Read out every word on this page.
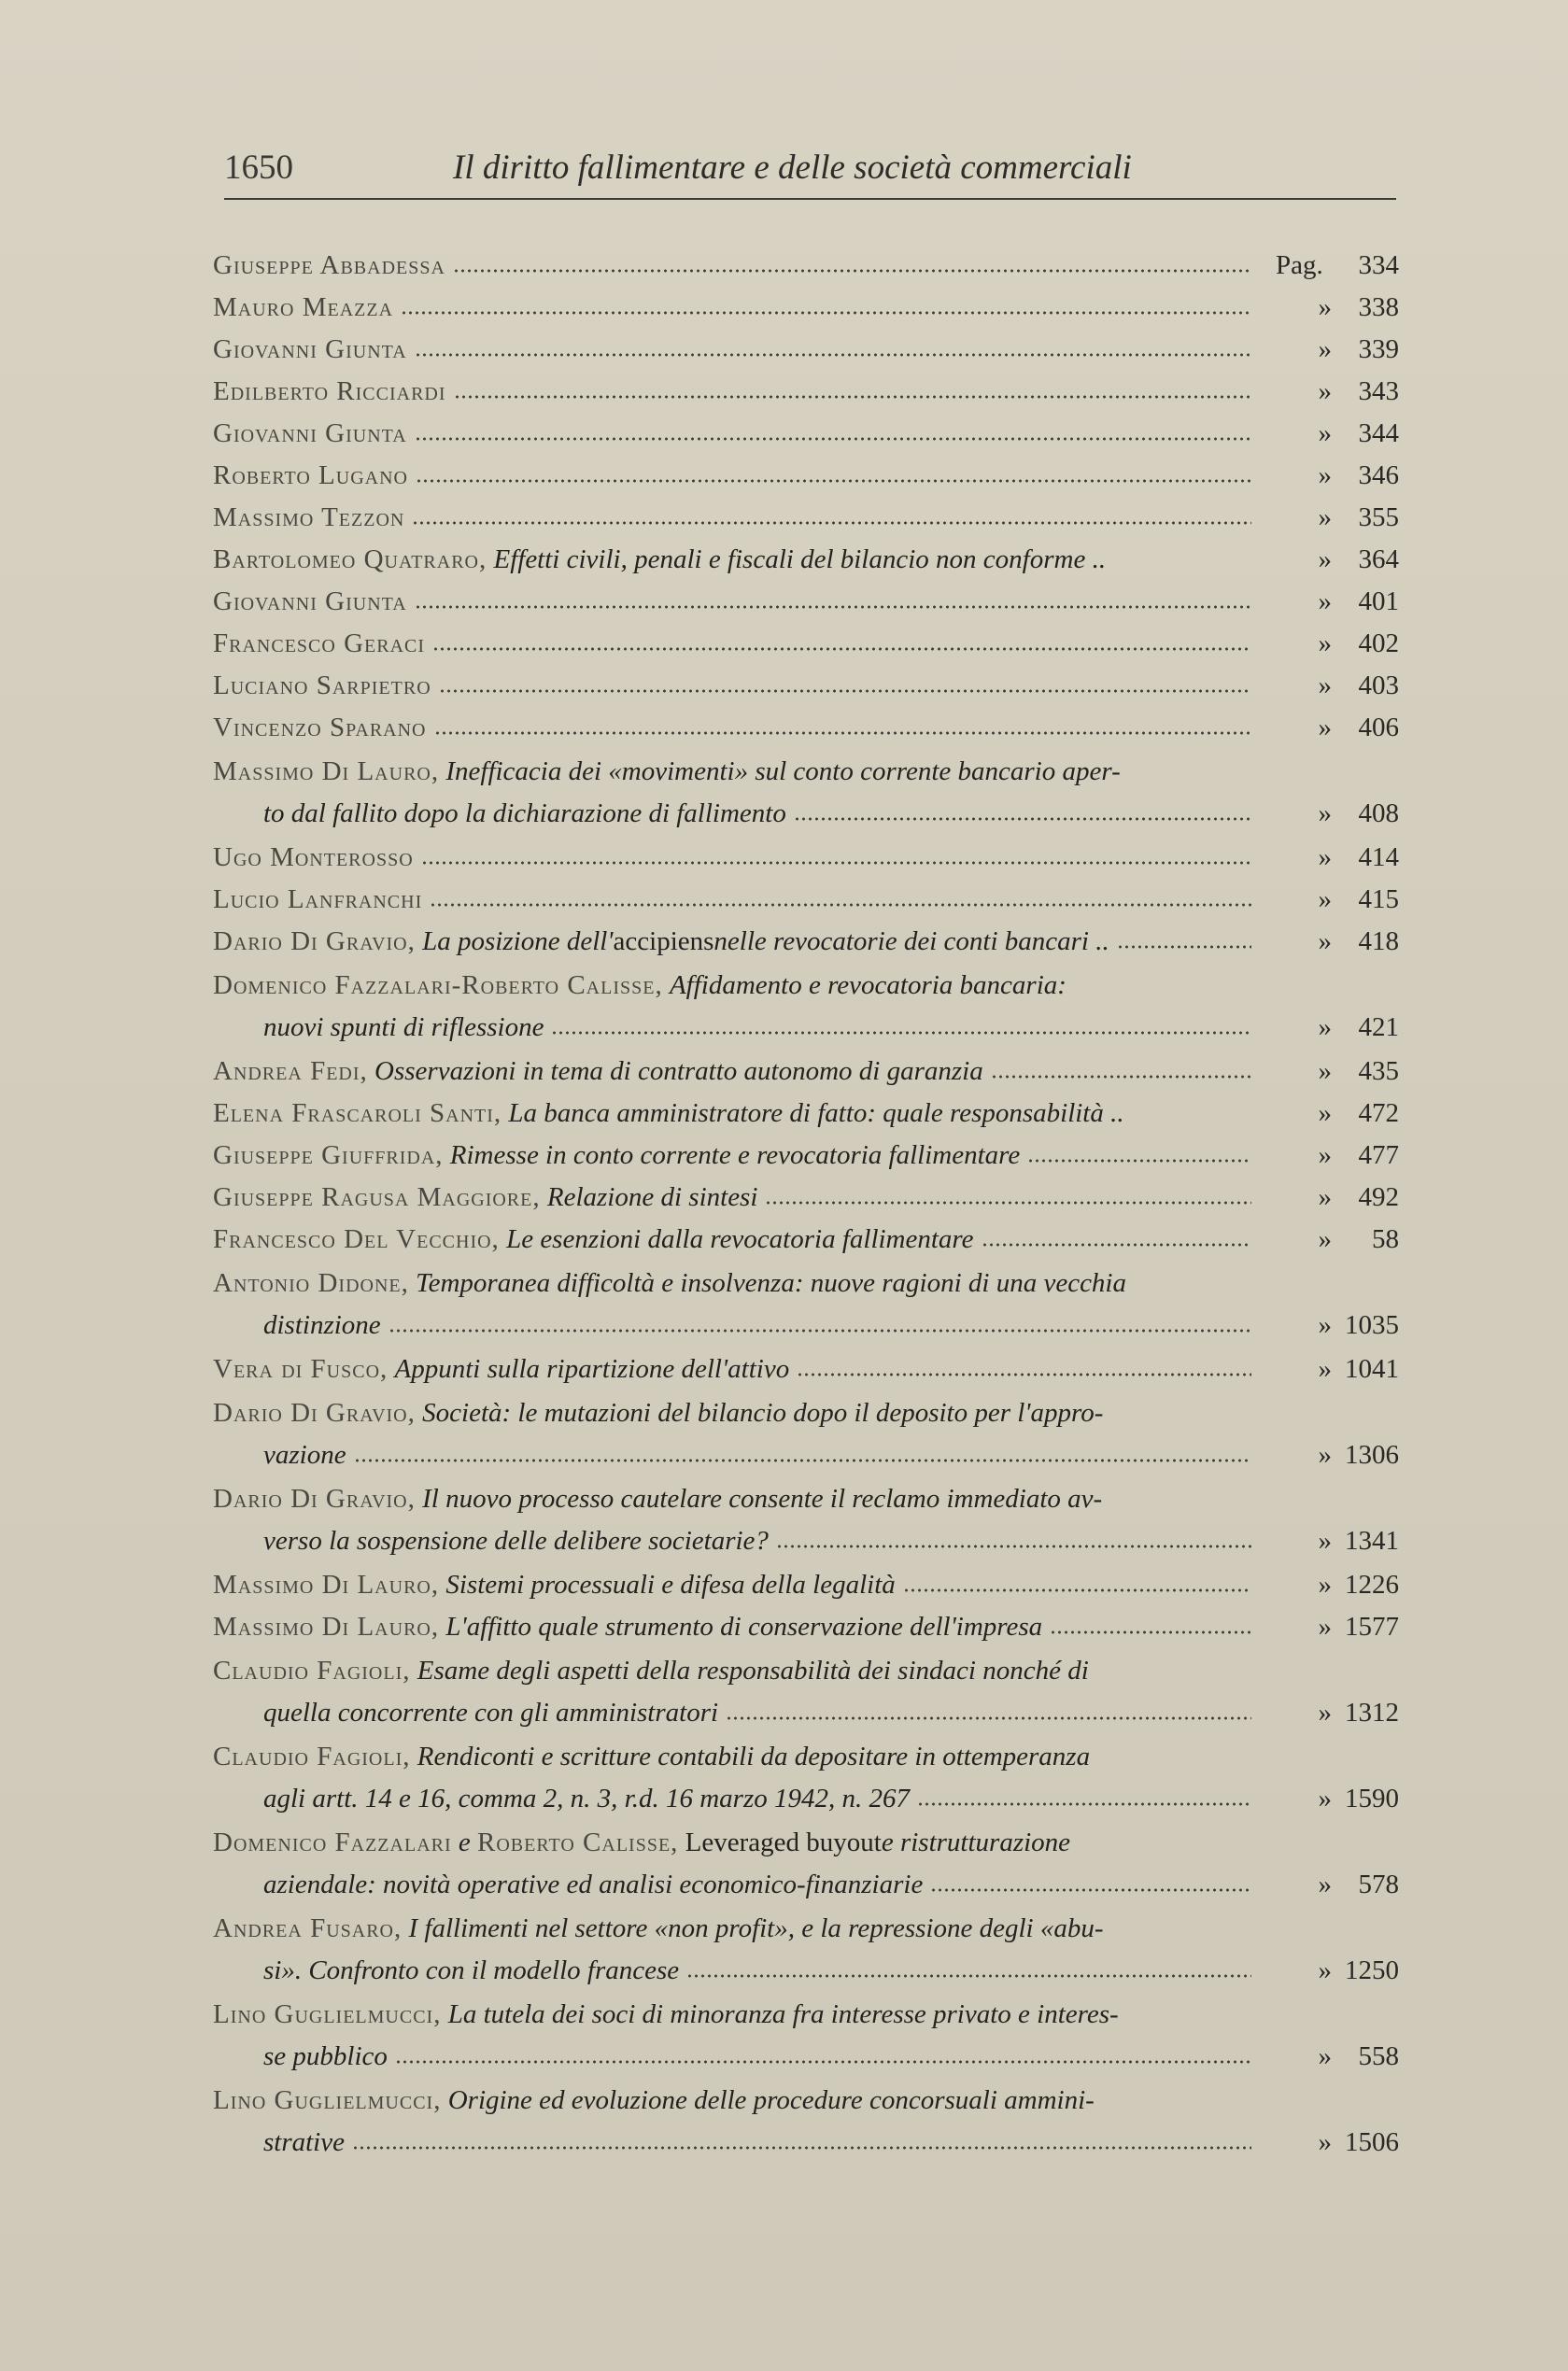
1650	Il diritto fallimentare e delle società commerciali
Giuseppe Abbadessa	Pag.	334
Mauro Meazza	» 338
Giovanni Giunta	» 339
Edilberto Ricciardi	» 343
Giovanni Giunta	» 344
Roberto Lugano	» 346
Massimo Tezzon	» 355
Bartolomeo Quatraro,
Effetti civili, penali e fiscali del bilancio non conforme ..	» 364
Giovanni Giunta	» 401
Francesco Geraci	» 402
Luciano Sarpietro	» 403
Vincenzo Sparano	» 406
Massimo Di Lauro,
Inefficacia dei «movimenti» sul conto corrente bancario aper-
to dal fallito dopo la dichiarazione di fallimento	» 408
Ugo Monterosso	» 414
Lucio Lanfranchi	» 415
Dario Di Gravio,
La posizione dell' accipiens nelle revocatorie dei conti bancari ..	» 418
Domenico Fazzalari-Roberto Calisse,
Affidamento e revocatoria bancaria:
nuovi spunti di riflessione	» 421
Andrea Fedi,
Osservazioni in tema di contratto autonomo di garanzia	» 435
Elena Frascaroli Santi,
La banca amministratore di fatto: quale responsabilità ..	» 472
Giuseppe Giuffrida,
Rimesse in conto corrente e revocatoria fallimentare	» 477
Giuseppe Ragusa Maggiore,
Relazione di sintesi	» 492
Francesco Del Vecchio,
Le esenzioni dalla revocatoria fallimentare	»	58
Antonio Didone,
Temporanea difficoltà e insolvenza: nuove ragioni di una vecchia
distinzione	» 1035
Vera di Fusco,
Appunti sulla ripartizione dell'attivo	» 1041
Dario Di Gravio,
Società: le mutazioni del bilancio dopo il deposito per l'appro-
vazione	» 1306
Dario Di Gravio,
Il nuovo processo cautelare consente il reclamo immediato av-
verso la sospensione delle delibere societarie?	» 1341
Massimo Di Lauro,
Sistemi processuali e difesa della legalità	» 1226
Massimo Di Lauro,
L'affitto quale strumento di conservazione dell'impresa	» 1577
Claudio Fagioli,
Esame degli aspetti della responsabilità dei sindaci nonché di
quella concorrente con gli amministratori	» 1312
Claudio Fagioli,
Rendiconti e scritture contabili da depositare in ottemperanza
agli artt. 14 e 16, comma 2, n. 3, r.d. 16 marzo 1942, n. 267	» 1590
Domenico Fazzalari
e
Roberto Calisse,
Leveraged buyout e ristrutturazione
aziendale: novità operative ed analisi economico-finanziarie	» 578
Andrea Fusaro,
I fallimenti nel settore «non profit», e la repressione degli «abu-
si». Confronto con il modello francese	» 1250
Lino Guglielmucci,
La tutela dei soci di minoranza fra interesse privato e interes-
se pubblico	» 558
Lino Guglielmucci,
Origine ed evoluzione delle procedure concorsuali ammini-
strative	» 1506
